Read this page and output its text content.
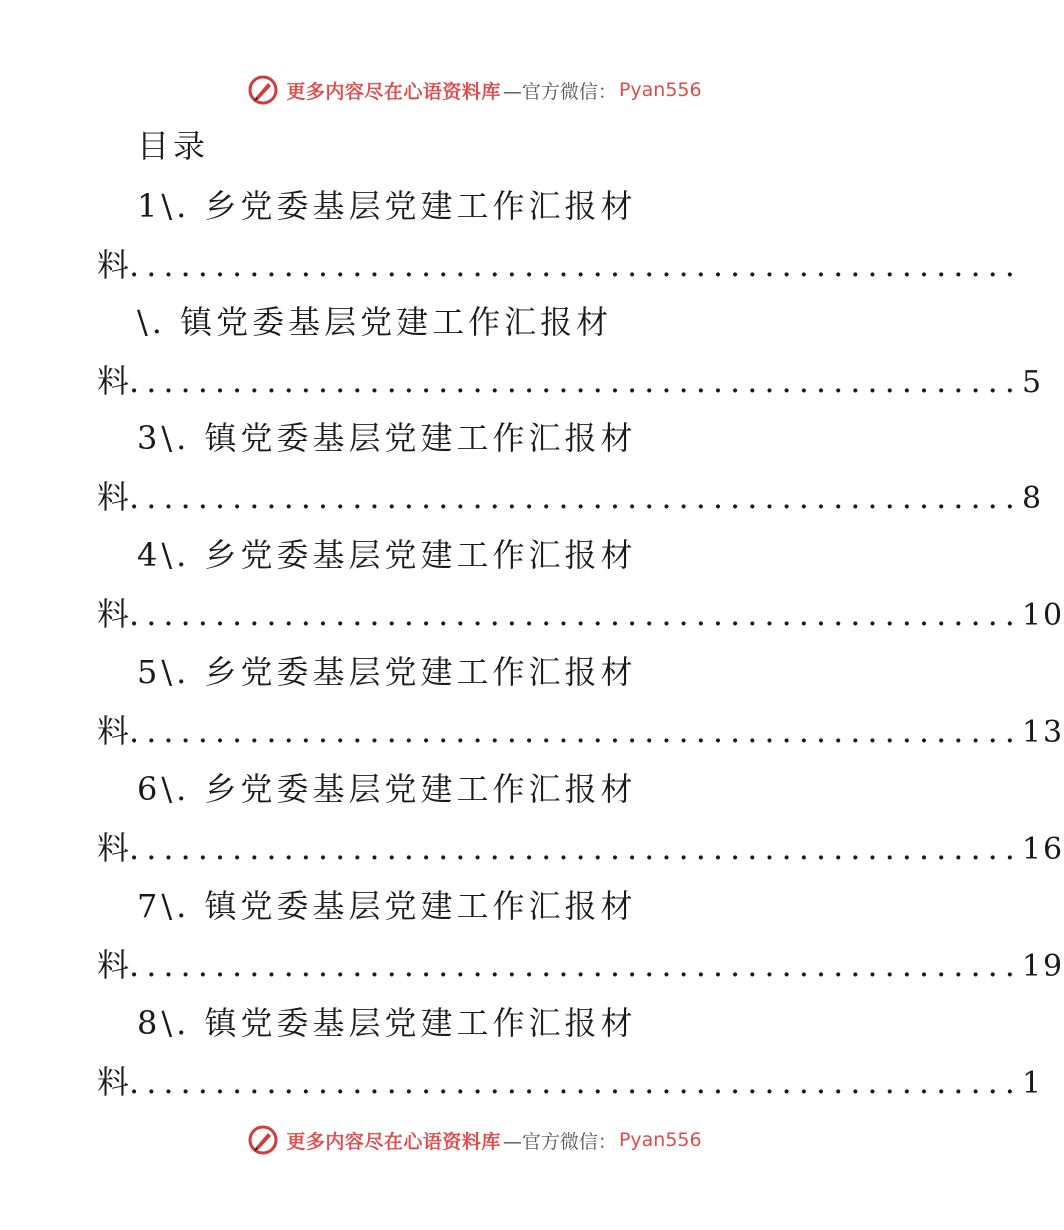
更多内容尽在心语资料库 —官方微信： Pyan556
目录
1\. 乡党委基层党建工作汇报材
料 ....................................................
\. 镇党委基层党建工作汇报材
料 .................................................... 5
3\. 镇党委基层党建工作汇报材
料 .................................................... 8
4\. 乡党委基层党建工作汇报材
料 .................................................... 10
5\. 乡党委基层党建工作汇报材
料 .................................................... 13
6\. 乡党委基层党建工作汇报材
料 .................................................... 16
7\. 镇党委基层党建工作汇报材
料 .................................................... 19
8\. 镇党委基层党建工作汇报材
料 .................................................... 1
更多内容尽在心语资料库 —官方微信： Pyan556
